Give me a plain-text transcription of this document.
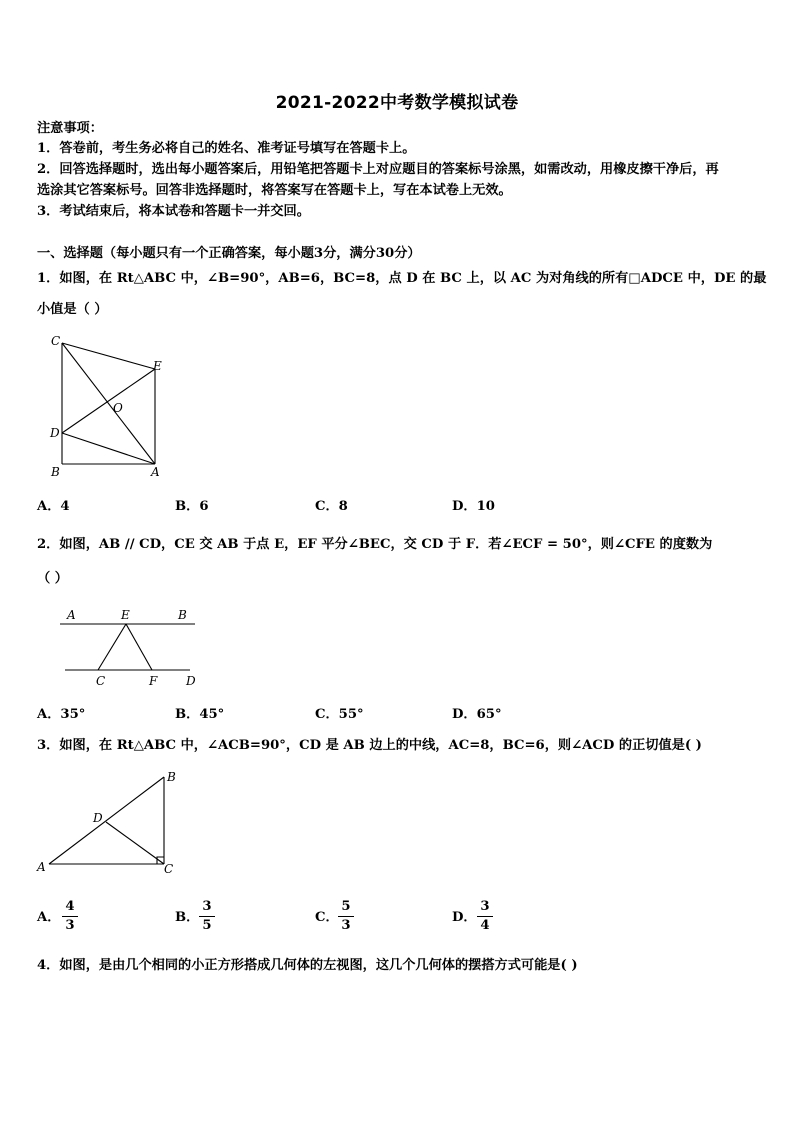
2021-2022中考数学模拟试卷
注意事项：
1．答卷前，考生务必将自己的姓名、准考证号填写在答题卡上。
2．回答选择题时，选出每小题答案后，用铅笔把答题卡上对应题目的答案标号涂黑，如需改动，用橡皮擦干净后，再
选涂其它答案标号。回答非选择题时，将答案写在答题卡上，写在本试卷上无效。
3．考试结束后，将本试卷和答题卡一并交回。
一、选择题（每小题只有一个正确答案，每小题3分，满分30分）
1．如图，在 Rt△ABC 中，∠B=90°，AB=6，BC=8，点 D 在 BC 上，以 AC 为对角线的所有□ADCE 中，DE 的最
小值是（ ）
C
E
O
D
B	A
A．4	B．6	C．8	D．10
2．如图，AB // CD，CE 交 AB 于点 E，EF 平分∠BEC，交 CD 于 F．若∠ECF = 50°，则∠CFE 的度数为
（ ）
A	E	B
C	F D
A．35°	B．45°	C．55°	D．65°
3．如图，在 Rt△ABC 中，∠ACB=90°，CD 是 AB 边上的中线，AC=8，BC=6，则∠ACD 的正切值是( )
B
D
A	C
A．
4
3
B．
3
5
C．
5
3
D．
3
4
4．如图，是由几个相同的小正方形搭成几何体的左视图，这几个几何体的摆搭方式可能是( )
